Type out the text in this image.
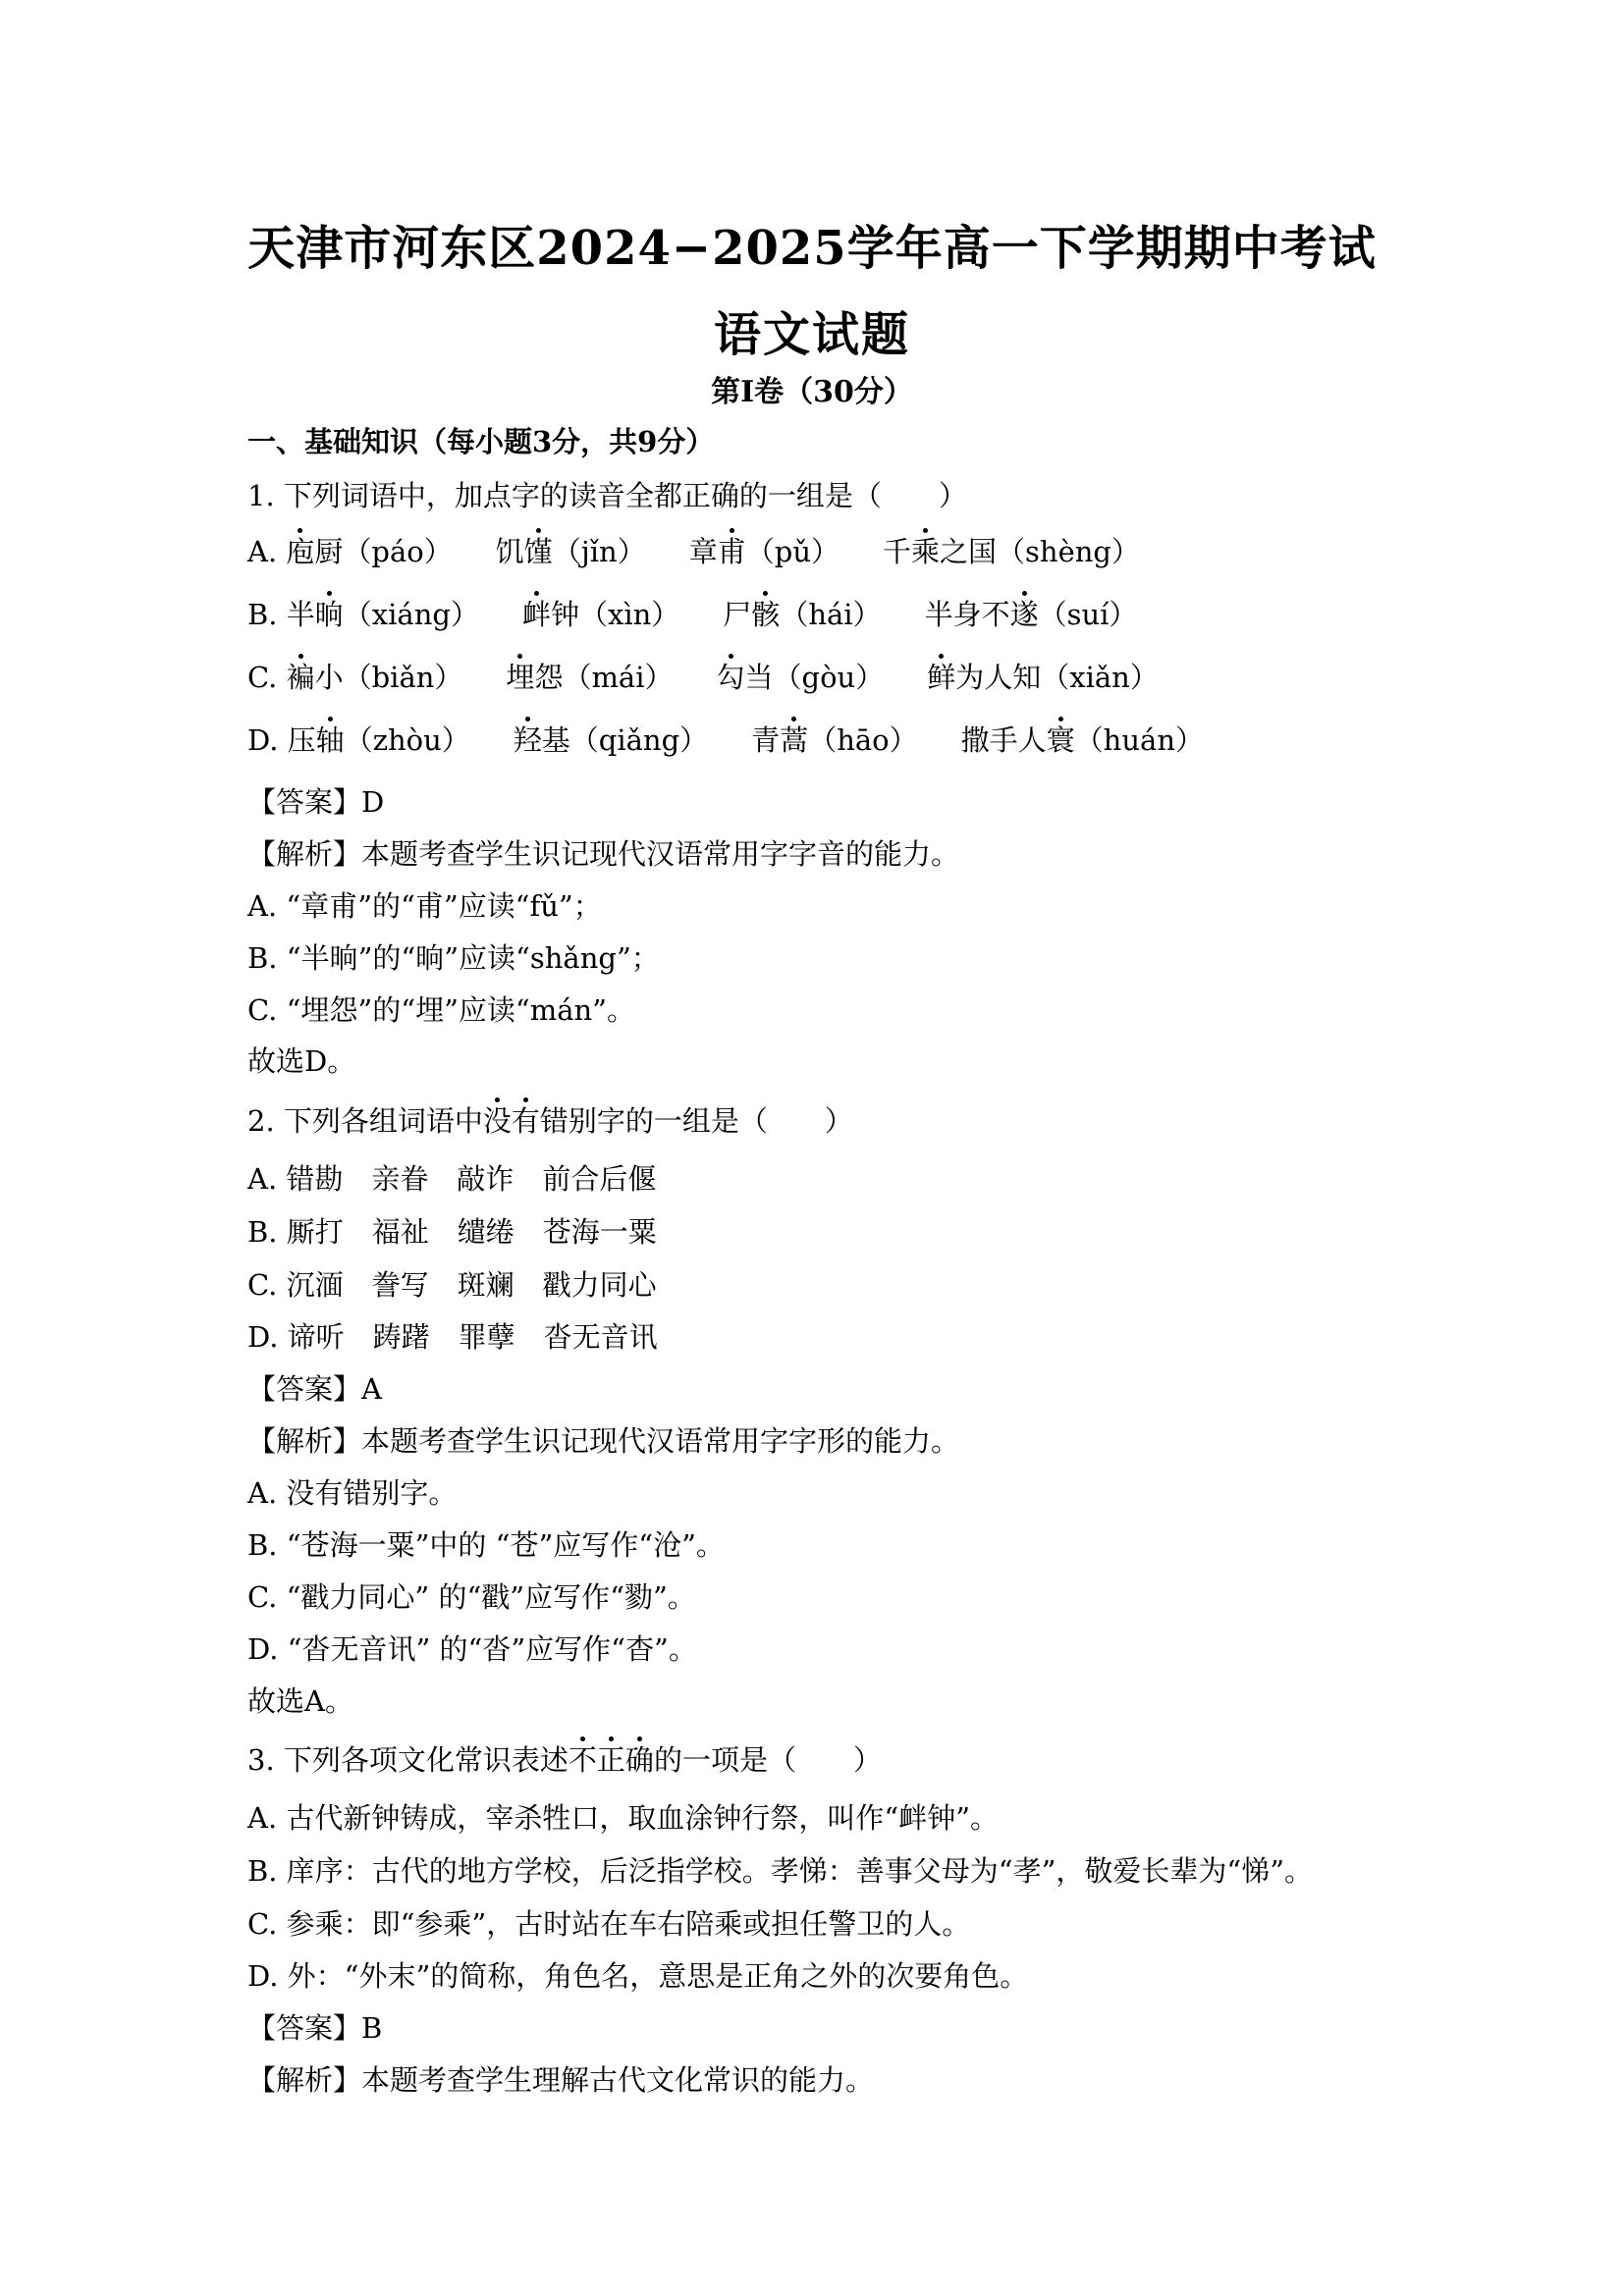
天津市河东区2024−2025学年高一下学期期中考试
语文试题
第Ⅰ卷（30分）
一、基础知识（每小题3分，共9分）
1. 下列词语中，加点字的读音全都正确的一组是（　　）
A. 庖厨（páo） 饥馑（jǐn） 章甫（pǔ） 千乘之国（shèng）
B. 半晌（xiáng） 衅钟（xìn） 尸骸（hái） 半身不遂（suí）
C. 褊小（biǎn） 埋怨（mái） 勾当（gòu） 鲜为人知（xiǎn）
D. 压轴（zhòu） 羟基（qiǎng） 青蒿（hāo） 撒手人寰（huán）
【答案】D
【解析】本题考查学生识记现代汉语常用字字音的能力。
A. “章甫”的“甫”应读“fǔ”；
B. “半晌”的“晌”应读“shǎng”；
C. “埋怨”的“埋”应读“mán”。
故选D。
2. 下列各组词语中没有错别字的一组是（　　）
A. 错勘　亲眷　敲诈　前合后偃
B. 厮打　福祉　缱绻　苍海一粟
C. 沉湎　誊写　斑斓　戳力同心
D. 谛听　踌躇　罪孽　沓无音讯
【答案】A
【解析】本题考查学生识记现代汉语常用字字形的能力。
A. 没有错别字。
B. “苍海一粟”中的 “苍”应写作“沧”。
C. “戳力同心” 的“戳”应写作“勠”。
D. “沓无音讯” 的“沓”应写作“杳”。
故选A。
3. 下列各项文化常识表述不正确的一项是（　　）
A. 古代新钟铸成，宰杀牲口，取血涂钟行祭，叫作“衅钟”。
B. 庠序：古代的地方学校，后泛指学校。孝悌：善事父母为“孝”，敬爱长辈为“悌”。
C. 参乘：即“参乘”，古时站在车右陪乘或担任警卫的人。
D. 外：“外末”的简称，角色名，意思是正角之外的次要角色。
【答案】B
【解析】本题考查学生理解古代文化常识的能力。
